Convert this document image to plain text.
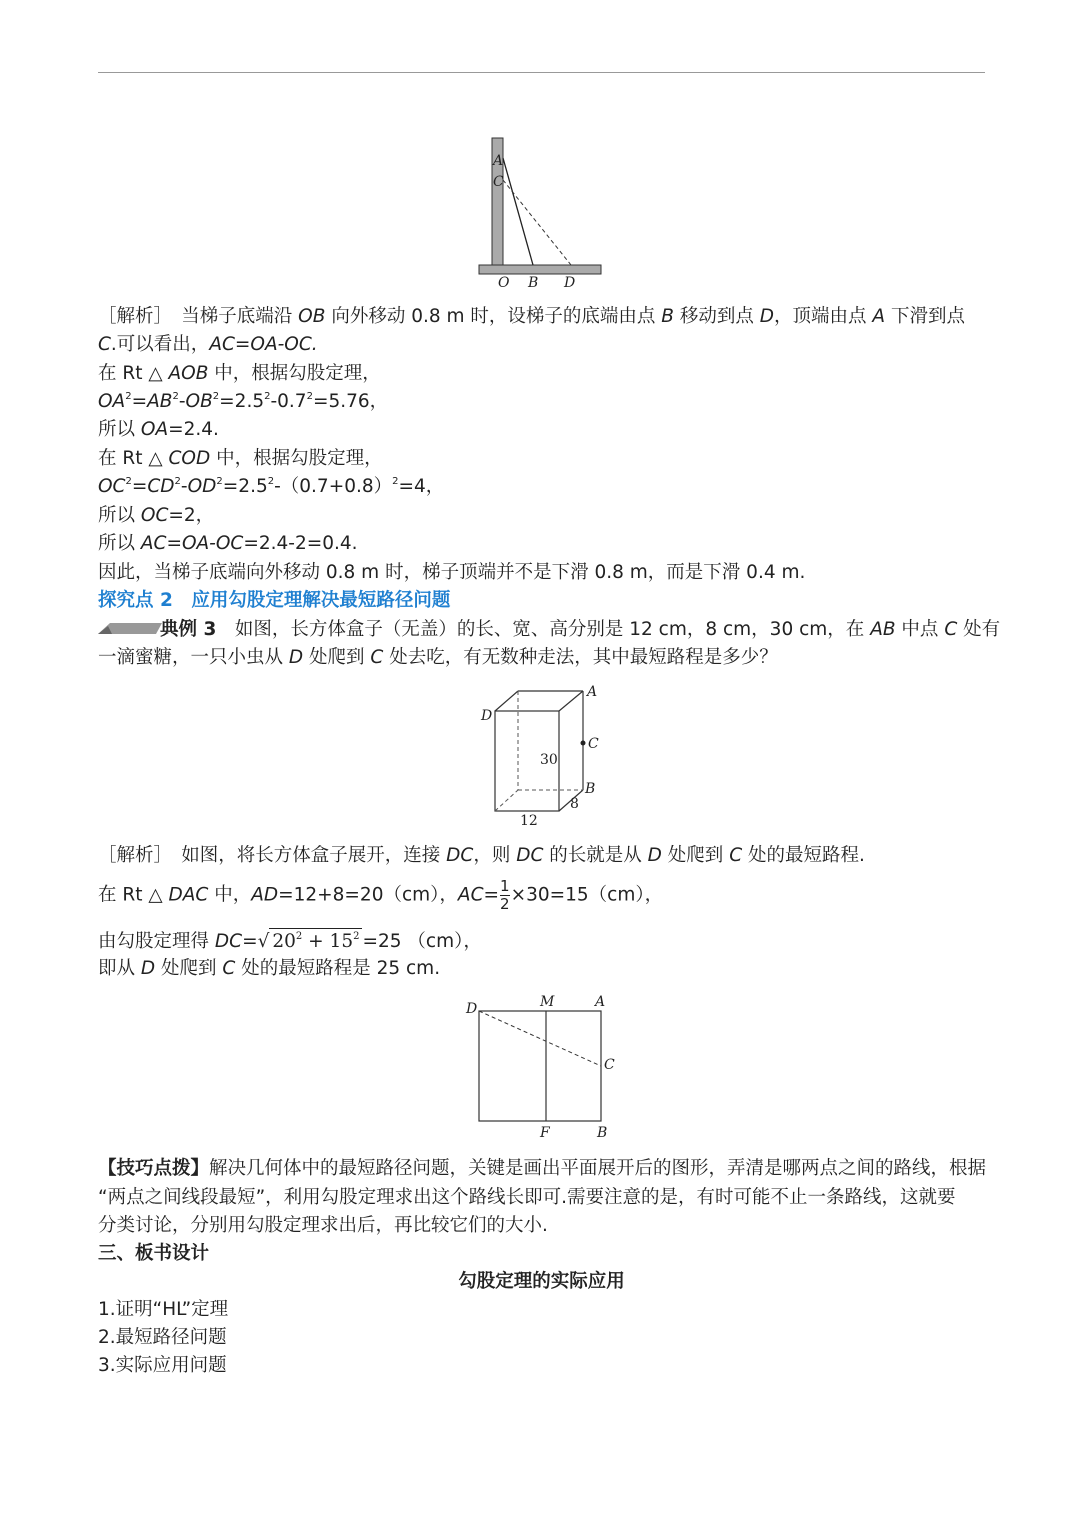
A
C
O B D
［解析］　 当梯子底端沿 OB 向外移动 0.8 m 时，设梯子的底端由点 B 移动到点 D，顶端由点 A 下滑到点
C.可以看出，AC=OA-OC.
在 Rt △ AOB 中，根据勾股定理，
$OA^2=AB^2-OB^2=2.5^2-0.7^2=5.76$，
所以 OA=2.4.
在 Rt △ COD 中，根据勾股定理，
$OC^2=CD^2-OD^2=2.5^2-(0.7+0.8)^2=4$，
所以 OC=2，
所以 AC=OA-OC=2.4-2=0.4.
因此，当梯子底端向外移动 0.8 m 时，梯子顶端并不是下滑 0.8 m，而是下滑 0.4 m.
探究点 2　应用勾股定理解决最短路径问题
典例 3　 如图，长方体盒子（无盖）的长、宽、高分别是 12 cm，8 cm，30 cm，在 AB 中点 C 处有
一滴蜜糖，一只小虫从 D 处爬到 C 处去吃，有无数种走法，其中最短路程是多少？
A
D
C
B
30
8
12
［解析］　 如图，将长方体盒子展开，连接 DC，则 DC 的长就是从 D 处爬到 C 处的最短路程.
在 Rt △ DAC 中，AD=12+8=20（cm），$AC= \frac{1}{2} \times 30=15(cm)$，
由勾股定理得 DC=√ $20^2 + 15^2 =25$ （cm），
即从 D 处爬到 C 处的最短路程是 25 cm.
D	M	A
C
F	B
【技巧点拨】解决几何体中的最短路径问题，关键是画出平面展开后的图形，弄清是哪两点之间的路线，根据
“两点之间线段最短”，利用勾股定理求出这个路线长即可.需要注意的是，有时可能不止一条路线，这就要
分类讨论，分别用勾股定理求出后，再比较它们的大小.
三、板书设计
勾股定理的实际应用
1.证明“HL”定理
2.最短路径问题
3.实际应用问题
